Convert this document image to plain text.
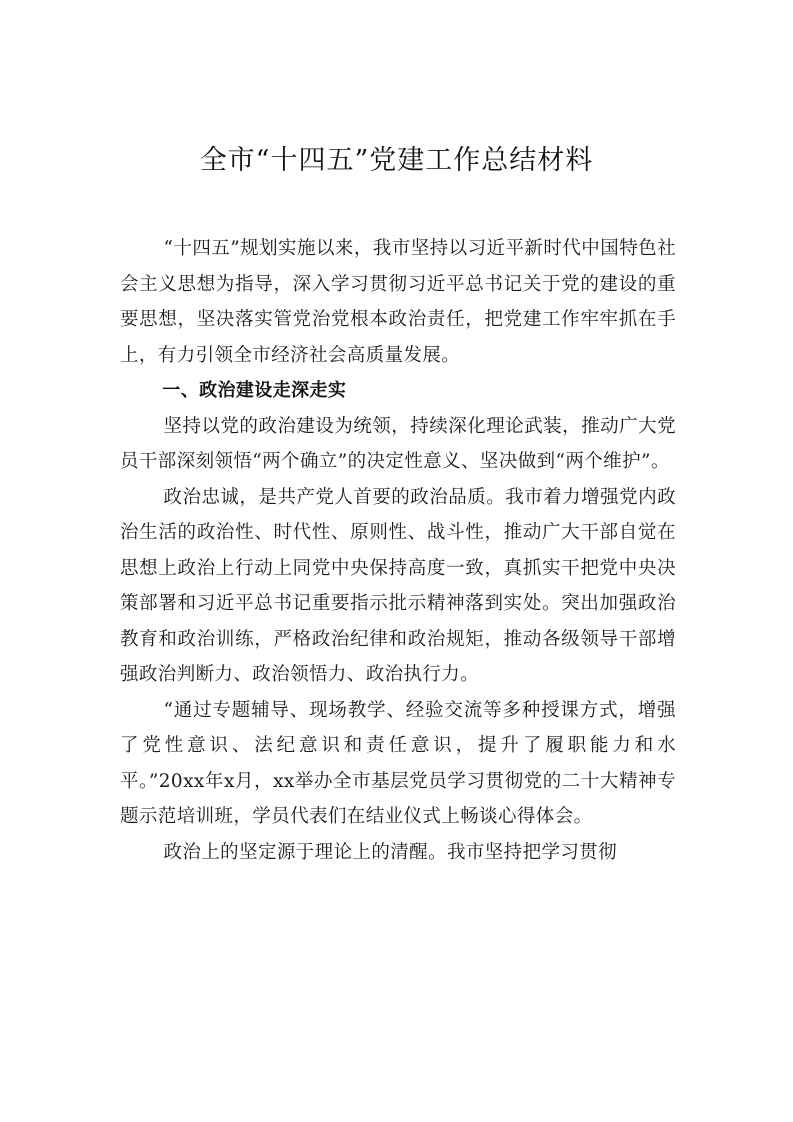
全市“十四五”党建工作总结材料

“十四五”规划实施以来，我市坚持以习近平新时代中国特色社会主义思想为指导，深入学习贯彻习近平总书记关于党的建设的重要思想，坚决落实管党治党根本政治责任，把党建工作牢牢抓在手上，有力引领全市经济社会高质量发展。

一、政治建设走深走实

坚持以党的政治建设为统领，持续深化理论武装，推动广大党员干部深刻领悟“两个确立”的决定性意义、坚决做到“两个维护”。

政治忠诚，是共产党人首要的政治品质。我市着力增强党内政治生活的政治性、时代性、原则性、战斗性，推动广大干部自觉在思想上政治上行动上同党中央保持高度一致，真抓实干把党中央决策部署和习近平总书记重要指示批示精神落到实处。突出加强政治教育和政治训练，严格政治纪律和政治规矩，推动各级领导干部增强政治判断力、政治领悟力、政治执行力。

“通过专题辅导、现场教学、经验交流等多种授课方式，增强了党性意识、法纪意识和责任意识，提升了履职能力和水平。”20xx年x月，xx举办全市基层党员学习贯彻党的二十大精神专题示范培训班，学员代表们在结业仪式上畅谈心得体会。

政治上的坚定源于理论上的清醒。我市坚持把学习贯彻
